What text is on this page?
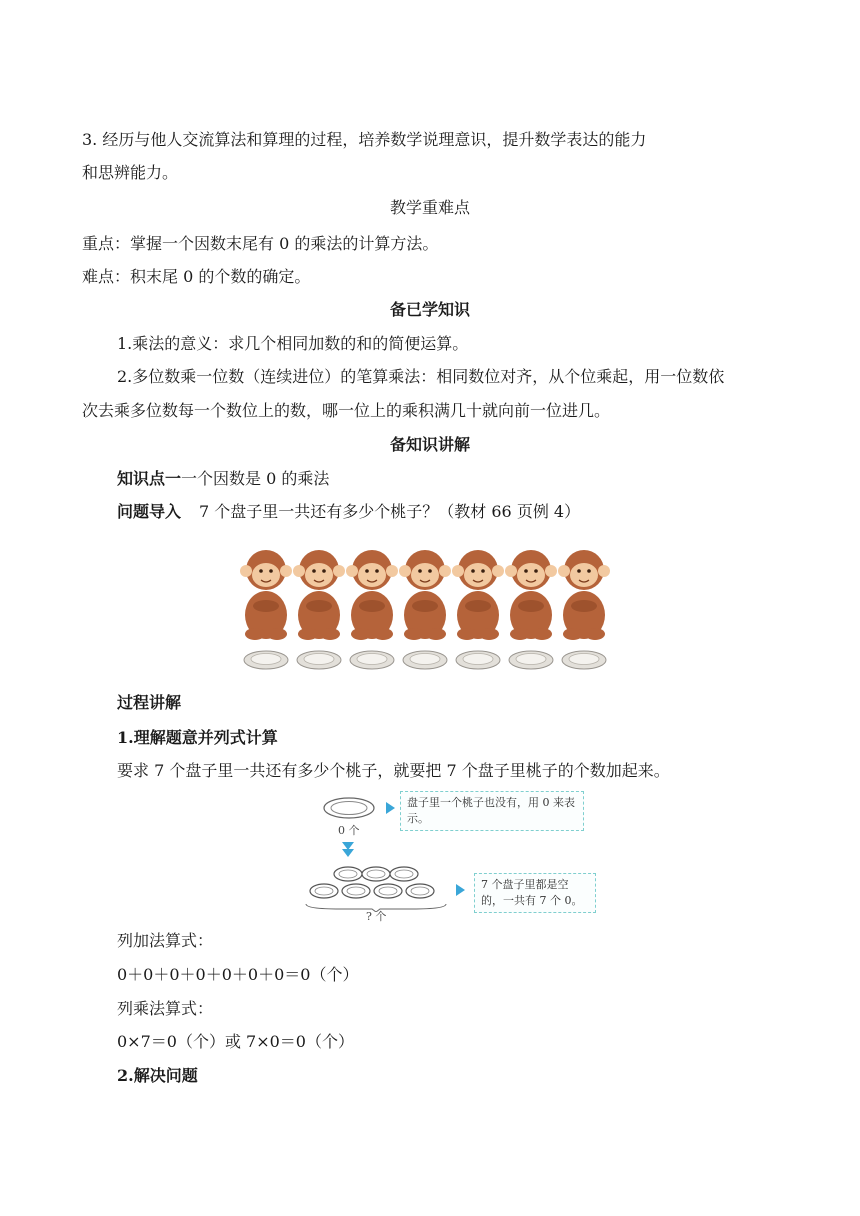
3. 经历与他人交流算法和算理的过程，培养数学说理意识，提升数学表达的能力
和思辨能力。
教学重难点
重点：掌握一个因数末尾有 0 的乘法的计算方法。
难点：积末尾 0 的个数的确定。
备已学知识
1.乘法的意义：求几个相同加数的和的简便运算。
2.多位数乘一位数（连续进位）的笔算乘法：相同数位对齐，从个位乘起，用一位数依
次去乘多位数每一个数位上的数，哪一位上的乘积满几十就向前一位进几。
备知识讲解
知识点一一个因数是 0 的乘法
问题导入 7 个盘子里一共还有多少个桃子？（教材 66 页例 4）
过程讲解
1.理解题意并列式计算
要求 7 个盘子里一共还有多少个桃子，就要把 7 个盘子里桃子的个数加起来。
0 个
盘子里一个桃子也没有，用 0 来表示。
? 个
7 个盘子里都是空的，一共有 7 个 0。
列加法算式：
0＋0＋0＋0＋0＋0＋0＝0（个）
列乘法算式：
0×7＝0（个）或 7×0＝0（个）
2.解决问题
